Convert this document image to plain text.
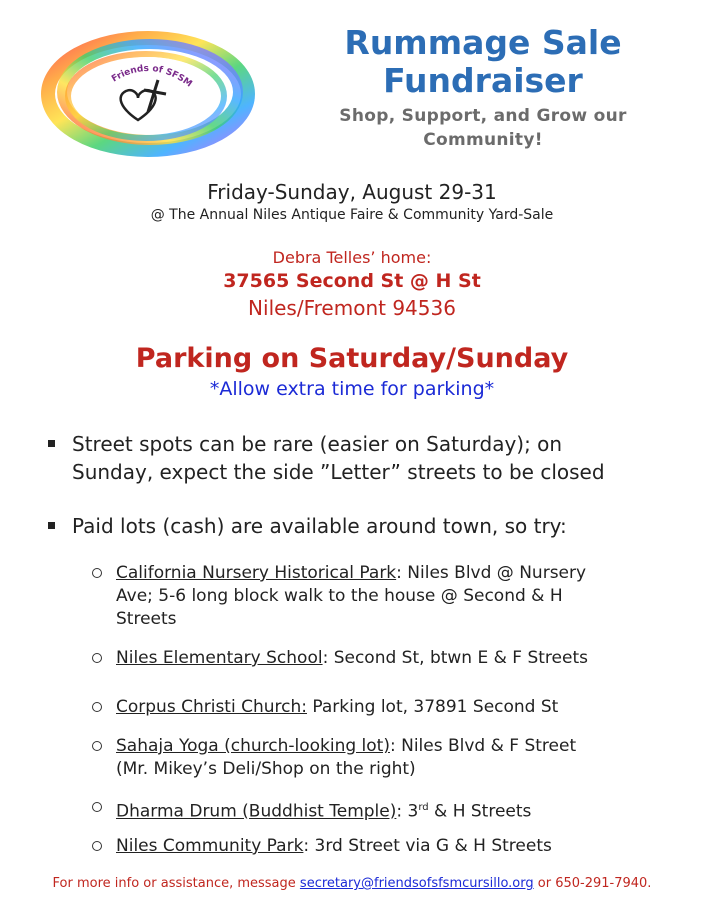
Friends of SFSM
Rummage Sale
Fundraiser
Shop, Support, and Grow our
Community!
Friday-Sunday, August 29-31
@ The Annual Niles Antique Faire & Community Yard-Sale
Debra Telles’ home:
37565 Second St @ H St
Niles/Fremont 94536
Parking on Saturday/Sunday
*Allow extra time for parking*
Street spots can be rare (easier on Saturday); on
Sunday, expect the side ”Letter” streets to be closed
Paid lots (cash) are available around town, so try:
California Nursery Historical Park: Niles Blvd @ Nursery
Ave; 5-6 long block walk to the house @ Second & H
Streets
Niles Elementary School: Second St, btwn E & F Streets
Corpus Christi Church: Parking lot, 37891 Second St
Sahaja Yoga (church-looking lot): Niles Blvd & F Street
(Mr. Mikey’s Deli/Shop on the right)
Dharma Drum (Buddhist Temple): 3rd & H Streets
Niles Community Park: 3rd Street via G & H Streets
For more info or assistance, message secretary@friendsofsfsmcursillo.org or 650-291-7940.
